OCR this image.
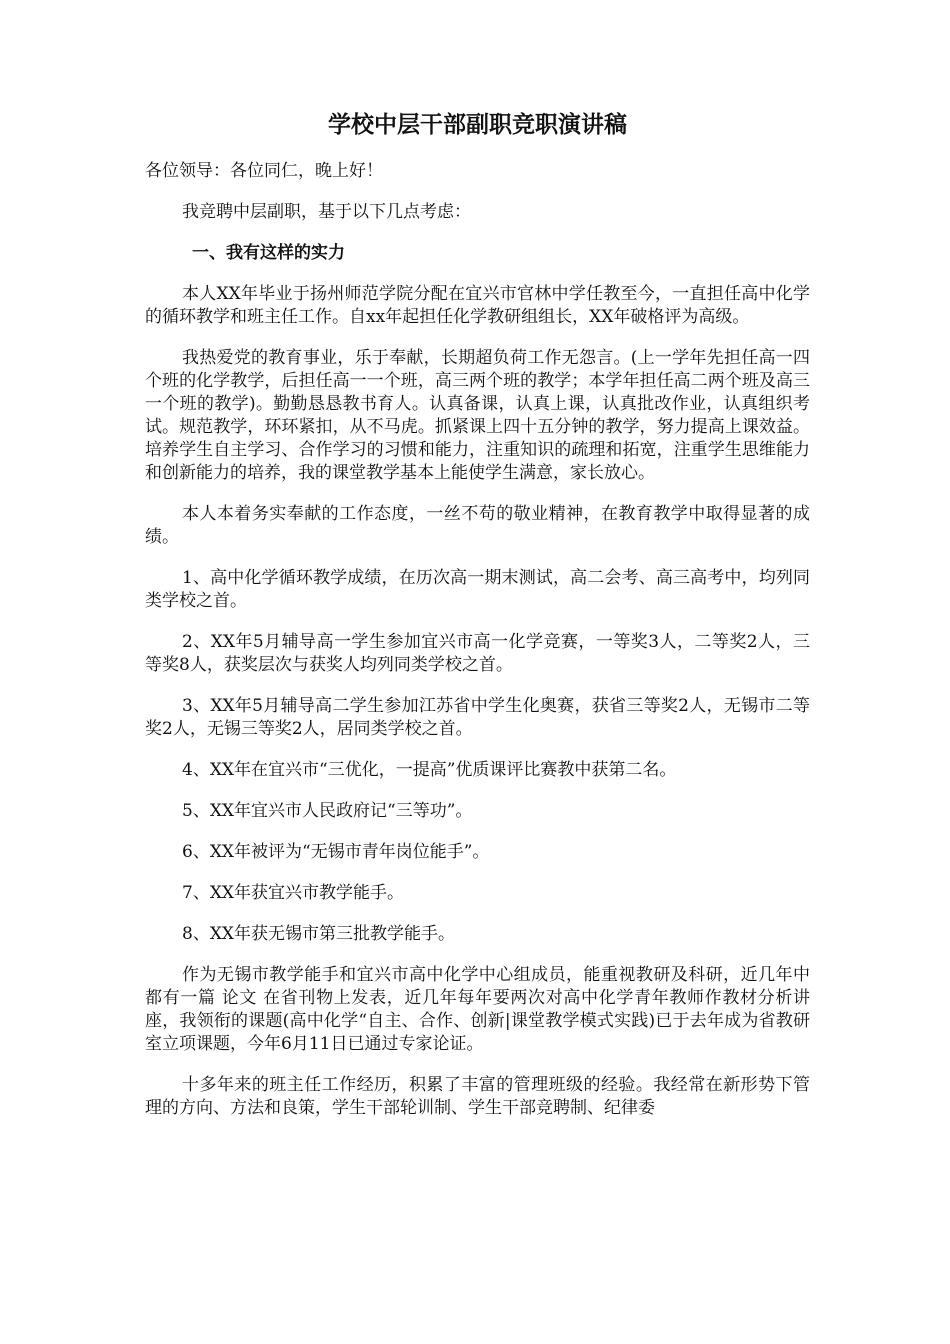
学校中层干部副职竞职演讲稿
各位领导：各位同仁，晚上好！
我竞聘中层副职，基于以下几点考虑：
一、我有这样的实力
本人XX年毕业于扬州师范学院分配在宜兴市官林中学任教至今，一直担任高中化学的循环教学和班主任工作。自xx年起担任化学教研组组长，XX年破格评为高级。
我热爱党的教育事业，乐于奉献，长期超负荷工作无怨言。(上一学年先担任高一四个班的化学教学，后担任高一一个班，高三两个班的教学；本学年担任高二两个班及高三一个班的教学)。勤勤恳恳教书育人。认真备课，认真上课，认真批改作业，认真组织考试。规范教学，环环紧扣，从不马虎。抓紧课上四十五分钟的教学，努力提高上课效益。培养学生自主学习、合作学习的习惯和能力，注重知识的疏理和拓宽，注重学生思维能力和创新能力的培养，我的课堂教学基本上能使学生满意，家长放心。
本人本着务实奉献的工作态度，一丝不苟的敬业精神，在教育教学中取得显著的成绩。
1、高中化学循环教学成绩，在历次高一期末测试，高二会考、高三高考中，均列同类学校之首。
2、XX年5月辅导高一学生参加宜兴市高一化学竞赛，一等奖3人，二等奖2人，三等奖8人，获奖层次与获奖人均列同类学校之首。
3、XX年5月辅导高二学生参加江苏省中学生化奥赛，获省三等奖2人，无锡市二等奖2人，无锡三等奖2人，居同类学校之首。
4、XX年在宜兴市“三优化，一提高”优质课评比赛教中获第二名。
5、XX年宜兴市人民政府记“三等功”。
6、XX年被评为“无锡市青年岗位能手”。
7、XX年获宜兴市教学能手。
8、XX年获无锡市第三批教学能手。
作为无锡市教学能手和宜兴市高中化学中心组成员，能重视教研及科研，近几年中都有一篇 论文 在省刊物上发表，近几年每年要两次对高中化学青年教师作教材分析讲座，我领衔的课题(高中化学“自主、合作、创新|课堂教学模式实践)已于去年成为省教研室立项课题，今年6月11日已通过专家论证。
十多年来的班主任工作经历，积累了丰富的管理班级的经验。我经常在新形势下管理的方向、方法和良策，学生干部轮训制、学生干部竞聘制、纪律委
